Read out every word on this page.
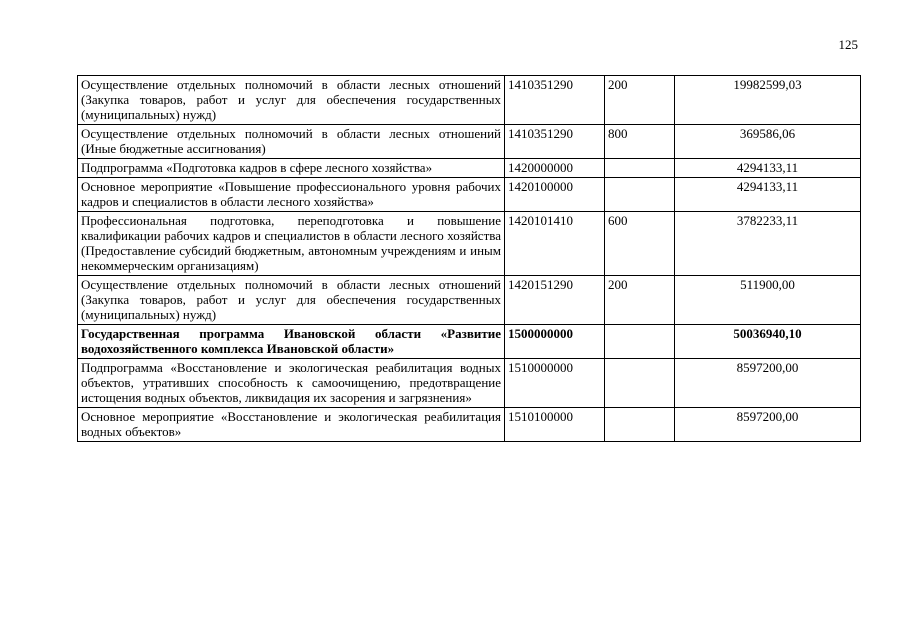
125
Осуществление отдельных полномочий в области лесных отношений (Закупка товаров, работ и услуг для обеспечения государственных (муниципальных) нужд)	1410351290	200	19982599,03
Осуществление отдельных полномочий в области лесных отношений (Иные бюджетные ассигнования)	1410351290	800	369586,06
Подпрограмма «Подготовка кадров в сфере лесного хозяйства»	1420000000		4294133,11
Основное мероприятие «Повышение профессионального уровня рабочих кадров и специалистов в области лесного хозяйства»	1420100000		4294133,11
Профессиональная подготовка, переподготовка и повышение квалификации рабочих кадров и специалистов в области лесного хозяйства (Предоставление субсидий бюджетным, автономным учреждениям и иным некоммерческим организациям)	1420101410	600	3782233,11
Осуществление отдельных полномочий в области лесных отношений (Закупка товаров, работ и услуг для обеспечения государственных (муниципальных) нужд)	1420151290	200	511900,00
Государственная программа Ивановской области «Развитие водохозяйственного комплекса Ивановской области»	1500000000		50036940,10
Подпрограмма «Восстановление и экологическая реабилитация водных объектов, утративших способность к самоочищению, предотвращение истощения водных объектов, ликвидация их засорения и загрязнения»	1510000000		8597200,00
Основное мероприятие «Восстановление и экологическая реабилитация водных объектов»	1510100000		8597200,00
